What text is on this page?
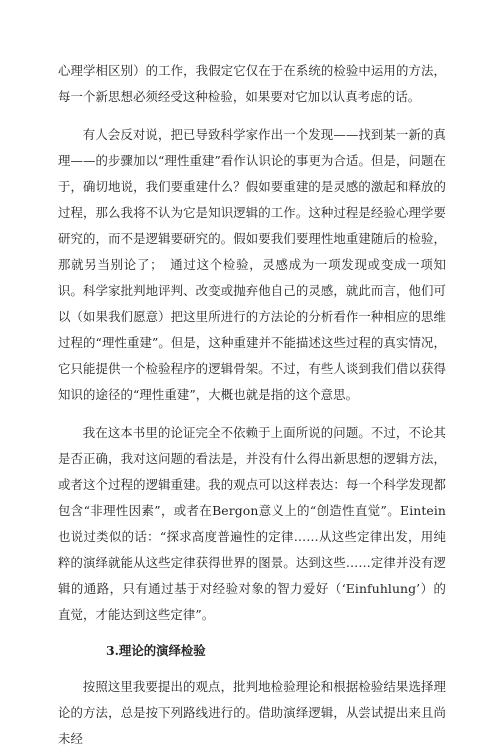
心理学相区别）的工作，我假定它仅在于在系统的检验中运用的方法，每一个新思想必须经受这种检验，如果要对它加以认真考虑的话。

有人会反对说，把已导致科学家作出一个发现——找到某一新的真理——的步骤加以“理性重建”看作认识论的事更为合适。但是，问题在于，确切地说，我们要重建什么？假如要重建的是灵感的激起和释放的过程，那么我将不认为它是知识逻辑的工作。这种过程是经验心理学要研究的，而不是逻辑要研究的。假如要我们要理性地重建随后的检验，那就另当别论了；　通过这个检验，灵感成为一项发现或变成一项知识。科学家批判地评判、改变或抛弃他自己的灵感，就此而言，他们可以（如果我们愿意）把这里所进行的方法论的分析看作一种相应的思维过程的“理性重建”。但是，这种重建并不能描述这些过程的真实情况，它只能提供一个检验程序的逻辑骨架。不过，有些人谈到我们借以获得知识的途径的“理性重建”，大概也就是指的这个意思。

我在这本书里的论证完全不依赖于上面所说的问题。不过，不论其是否正确，我对这问题的看法是，并没有什么得出新思想的逻辑方法，或者这个过程的逻辑重建。我的观点可以这样表达：每一个科学发现都包含“非理性因素”，或者在Bergon意义上的“创造性直觉”。Eintein也说过类似的话：“探求高度普遍性的定律……从这些定律出发，用纯粹的演绎就能从这些定律获得世界的图景。达到这些……定律并没有逻辑的通路，只有通过基于对经验对象的智力爱好（‘Einfuhlung’）的直觉，才能达到这些定律”。

3.理论的演绎检验

按照这里我要提出的观点，批判地检验理论和根据检验结果选择理论的方法，总是按下列路线进行的。借助演绎逻辑，从尝试提出来且尚未经
